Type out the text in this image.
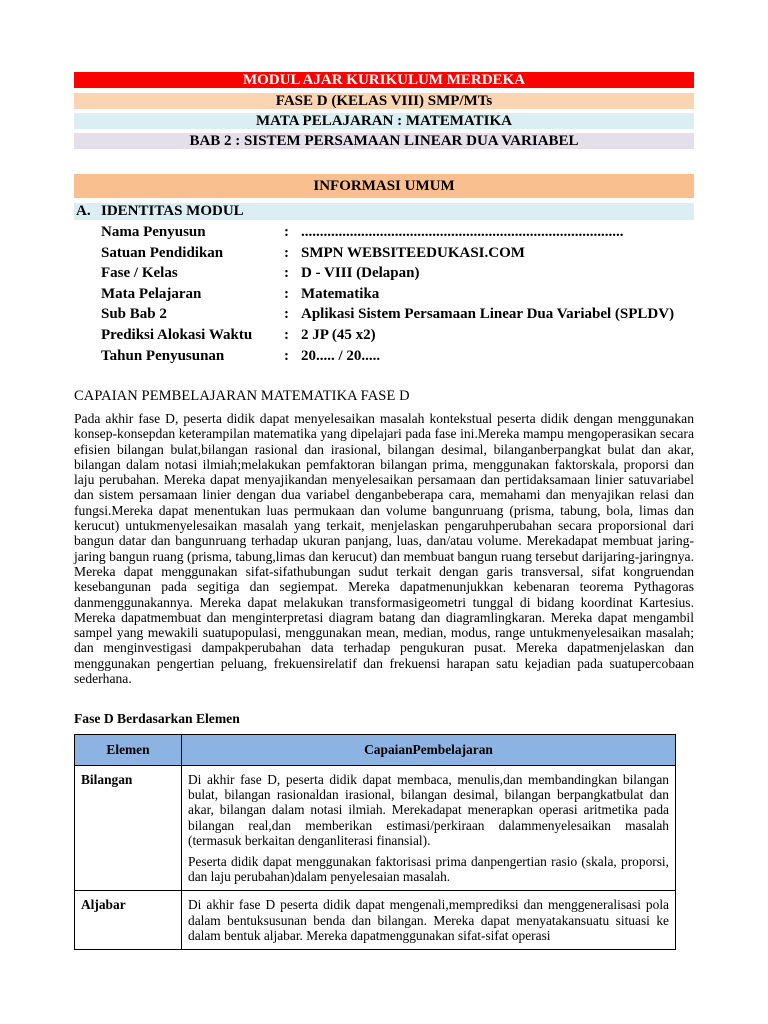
MODUL AJAR KURIKULUM MERDEKA
FASE D (KELAS VIII) SMP/MTs
MATA PELAJARAN : MATEMATIKA
BAB 2 : SISTEM PERSAMAAN LINEAR DUA VARIABEL
INFORMASI UMUM
A. IDENTITAS MODUL
Nama Penyusun	: ......................................................................................
Satuan Pendidikan	: SMPN WEBSITEEDUKASI.COM
Fase / Kelas	: D - VIII (Delapan)
Mata Pelajaran	: Matematika
Sub Bab 2	: Aplikasi Sistem Persamaan Linear Dua Variabel (SPLDV)
Prediksi Alokasi Waktu : 2 JP (45 x2)
Tahun Penyusunan	: 20..... / 20.....
CAPAIAN PEMBELAJARAN MATEMATIKA FASE D

Pada akhir fase D, peserta didik dapat menyelesaikan masalah kontekstual peserta didik dengan menggunakan konsep-konsepdan keterampilan matematika yang dipelajari pada fase ini.Mereka mampu mengoperasikan secara efisien bilangan bulat,bilangan rasional dan irasional, bilangan desimal, bilanganberpangkat bulat dan akar, bilangan dalam notasi ilmiah;melakukan pemfaktoran bilangan prima, menggunakan faktorskala, proporsi dan laju perubahan. Mereka dapat menyajikandan menyelesaikan persamaan dan pertidaksamaan linier satuvariabel dan sistem persamaan linier dengan dua variabel denganbeberapa cara, memahami dan menyajikan relasi dan fungsi.Mereka dapat menentukan luas permukaan dan volume bangunruang (prisma, tabung, bola, limas dan kerucut) untukmenyelesaikan masalah yang terkait, menjelaskan pengaruhperubahan secara proporsional dari bangun datar dan bangunruang terhadap ukuran panjang, luas, dan/atau volume. Merekadapat membuat jaring-jaring bangun ruang (prisma, tabung,limas dan kerucut) dan membuat bangun ruang tersebut darijaring-jaringnya. Mereka dapat menggunakan sifat-sifathubungan sudut terkait dengan garis transversal, sifat kongruendan kesebangunan pada segitiga dan segiempat. Mereka dapatmenunjukkan kebenaran teorema Pythagoras danmenggunakannya. Mereka dapat melakukan transformasigeometri tunggal di bidang koordinat Kartesius. Mereka dapatmembuat dan menginterpretasi diagram batang dan diagramlingkaran. Mereka dapat mengambil sampel yang mewakili suatupopulasi, menggunakan mean, median, modus, range untukmenyelesaikan masalah; dan menginvestigasi dampakperubahan data terhadap pengukuran pusat. Mereka dapatmenjelaskan dan menggunakan pengertian peluang, frekuensirelatif dan frekuensi harapan satu kejadian pada suatupercobaan sederhana.

Fase D Berdasarkan Elemen
Elemen	CapaianPembelajaran
Bilangan	Di akhir fase D, peserta didik dapat membaca, menulis,dan membandingkan bilangan bulat, bilangan rasionaldan irasional, bilangan desimal, bilangan berpangkatbulat dan akar, bilangan dalam notasi ilmiah. Merekadapat menerapkan operasi aritmetika pada bilangan real,dan memberikan estimasi/perkiraan dalammenyelesaikan masalah (termasuk berkaitan denganliterasi finansial).

Peserta didik dapat menggunakan faktorisasi prima danpengertian rasio (skala, proporsi, dan laju perubahan)dalam penyelesaian masalah.

Aljabar	Di akhir fase D peserta didik dapat mengenali,memprediksi dan menggeneralisasi pola dalam bentuksusunan benda dan bilangan. Mereka dapat menyatakansuatu situasi ke dalam bentuk aljabar. Mereka dapatmenggunakan sifat-sifat operasi
